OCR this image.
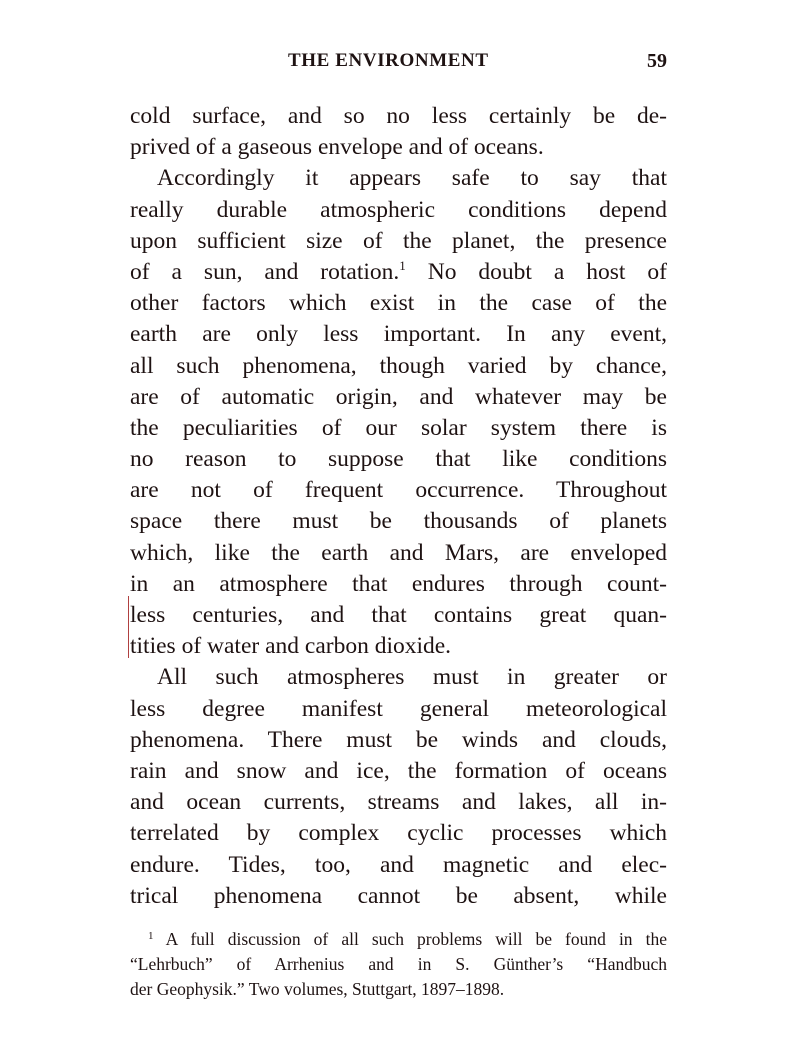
THE ENVIRONMENT	59
cold surface, and so no less certainly be de-
prived of a gaseous envelope and of oceans.
Accordingly it appears safe to say that
really durable atmospheric conditions depend
upon sufficient size of the planet, the presence
of a sun, and rotation.$^1$ No doubt a host of
other factors which exist in the case of the
earth are only less important. In any event,
all such phenomena, though varied by chance,
are of automatic origin, and whatever may be
the peculiarities of our solar system there is
no reason to suppose that like conditions
are not of frequent occurrence. Throughout
space there must be thousands of planets
which, like the earth and Mars, are enveloped
in an atmosphere that endures through count-
less centuries, and that contains great quan-
tities of water and carbon dioxide.
All such atmospheres must in greater or
less degree manifest general meteorological
phenomena. There must be winds and clouds,
rain and snow and ice, the formation of oceans
and ocean currents, streams and lakes, all in-
terrelated by complex cyclic processes which
endure. Tides, too, and magnetic and elec-
trical phenomena cannot be absent, while
$^1$ A full discussion of all such problems will be found in the
“Lehrbuch” of Arrhenius and in S. Günther’s “Handbuch
der Geophysik.” Two volumes, Stuttgart, 1897–1898.
